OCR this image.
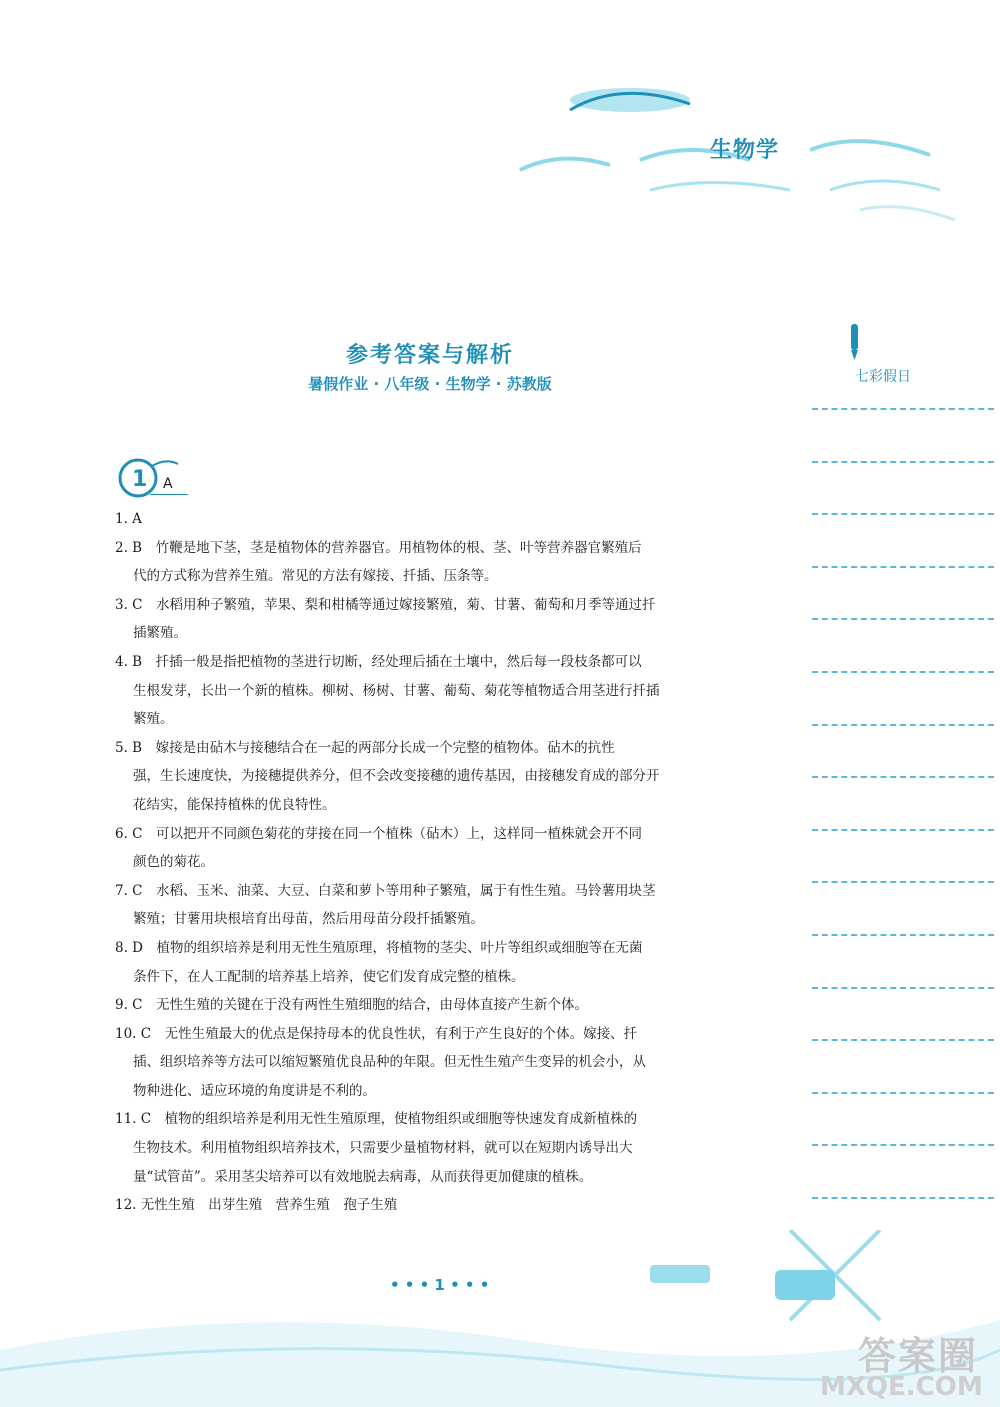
生物学
参考答案与解析
暑假作业 · 八年级 · 生物学 · 苏教版	七彩假日
1 A

1. A

2. B　竹鞭是地下茎，茎是植物体的营养器官。用植物体的根、茎、叶等营养器官繁殖后
代的方式称为营养生殖。常见的方法有嫁接、扦插、压条等。

3. C　水稻用种子繁殖，苹果、梨和柑橘等通过嫁接繁殖，菊、甘薯、葡萄和月季等通过扦
插繁殖。

4. B　扦插一般是指把植物的茎进行切断，经处理后插在土壤中，然后每一段枝条都可以
生根发芽，长出一个新的植株。柳树、杨树、甘薯、葡萄、菊花等植物适合用茎进行扦插
繁殖。

5. B　嫁接是由砧木与接穗结合在一起的两部分长成一个完整的植物体。砧木的抗性
强，生长速度快，为接穗提供养分，但不会改变接穗的遗传基因，由接穗发育成的部分开
花结实，能保持植株的优良特性。

6. C　可以把开不同颜色菊花的芽接在同一个植株（砧木）上，这样同一植株就会开不同
颜色的菊花。

7. C　水稻、玉米、油菜、大豆、白菜和萝卜等用种子繁殖，属于有性生殖。马铃薯用块茎
繁殖；甘薯用块根培育出母苗，然后用母苗分段扦插繁殖。

8. D　植物的组织培养是利用无性生殖原理，将植物的茎尖、叶片等组织或细胞等在无菌
条件下，在人工配制的培养基上培养，使它们发育成完整的植株。

9. C　无性生殖的关键在于没有两性生殖细胞的结合，由母体直接产生新个体。

10. C　无性生殖最大的优点是保持母本的优良性状，有利于产生良好的个体。嫁接、扦
插、组织培养等方法可以缩短繁殖优良品种的年限。但无性生殖产生变异的机会小，从
物种进化、适应环境的角度讲是不利的。

11. C　植物的组织培养是利用无性生殖原理，使植物组织或细胞等快速发育成新植株的
生物技术。利用植物组织培养技术，只需要少量植物材料，就可以在短期内诱导出大
量“试管苗”。采用茎尖培养可以有效地脱去病毒，从而获得更加健康的植株。

12. 无性生殖　出芽生殖　营养生殖　孢子生殖

• • • 1 • • •
答案圈
MXQE.COM
